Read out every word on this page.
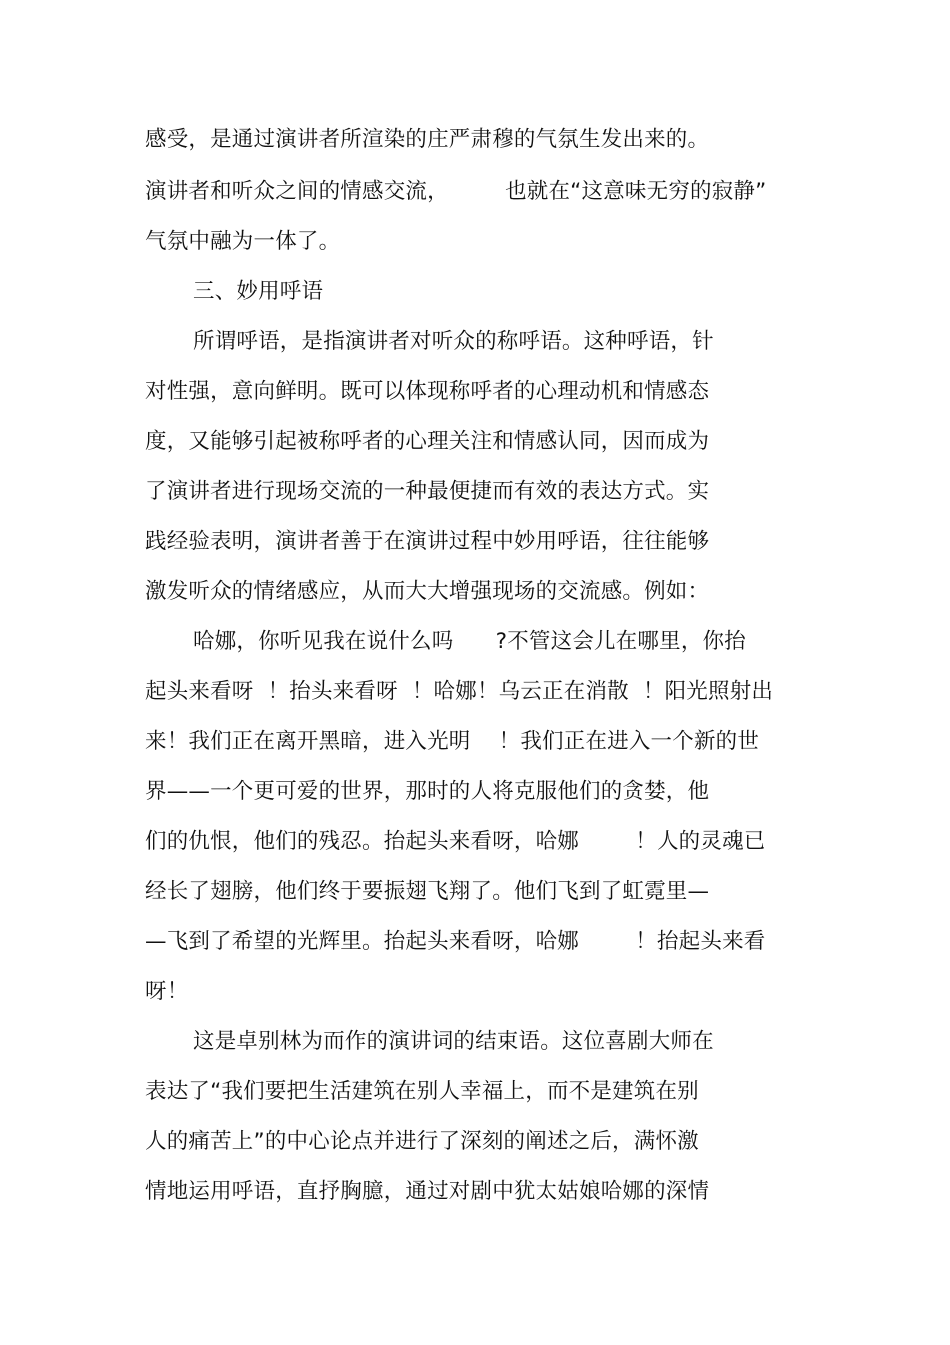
感受，是通过演讲者所渲染的庄严肃穆的气氛生发出来的。
演讲者和听众之间的情感交流，        也就在“这意味无穷的寂静”
气氛中融为一体了。
三、妙用呼语
所谓呼语，是指演讲者对听众的称呼语。这种呼语，针
对性强，意向鲜明。既可以体现称呼者的心理动机和情感态
度，又能够引起被称呼者的心理关注和情感认同，因而成为
了演讲者进行现场交流的一种最便捷而有效的表达方式。实
践经验表明，演讲者善于在演讲过程中妙用呼语，往往能够
激发听众的情绪感应，从而大大增强现场的交流感。例如：
哈娜，你听见我在说什么吗      ?不管这会儿在哪里，你抬
起头来看呀  ！抬头来看呀  ！哈娜！乌云正在消散  ！阳光照射出
来！我们正在离开黑暗，进入光明    ！我们正在进入一个新的世
界——一个更可爱的世界，那时的人将克服他们的贪婪，他
们的仇恨，他们的残忍。抬起头来看呀，哈娜        ！人的灵魂已
经长了翅膀，他们终于要振翅飞翔了。他们飞到了虹霓里—
—飞到了希望的光辉里。抬起头来看呀，哈娜        ！抬起头来看
呀！
这是卓别林为而作的演讲词的结束语。这位喜剧大师在
表达了“我们要把生活建筑在别人幸福上，而不是建筑在别
人的痛苦上”的中心论点并进行了深刻的阐述之后，满怀激
情地运用呼语，直抒胸臆，通过对剧中犹太姑娘哈娜的深情
